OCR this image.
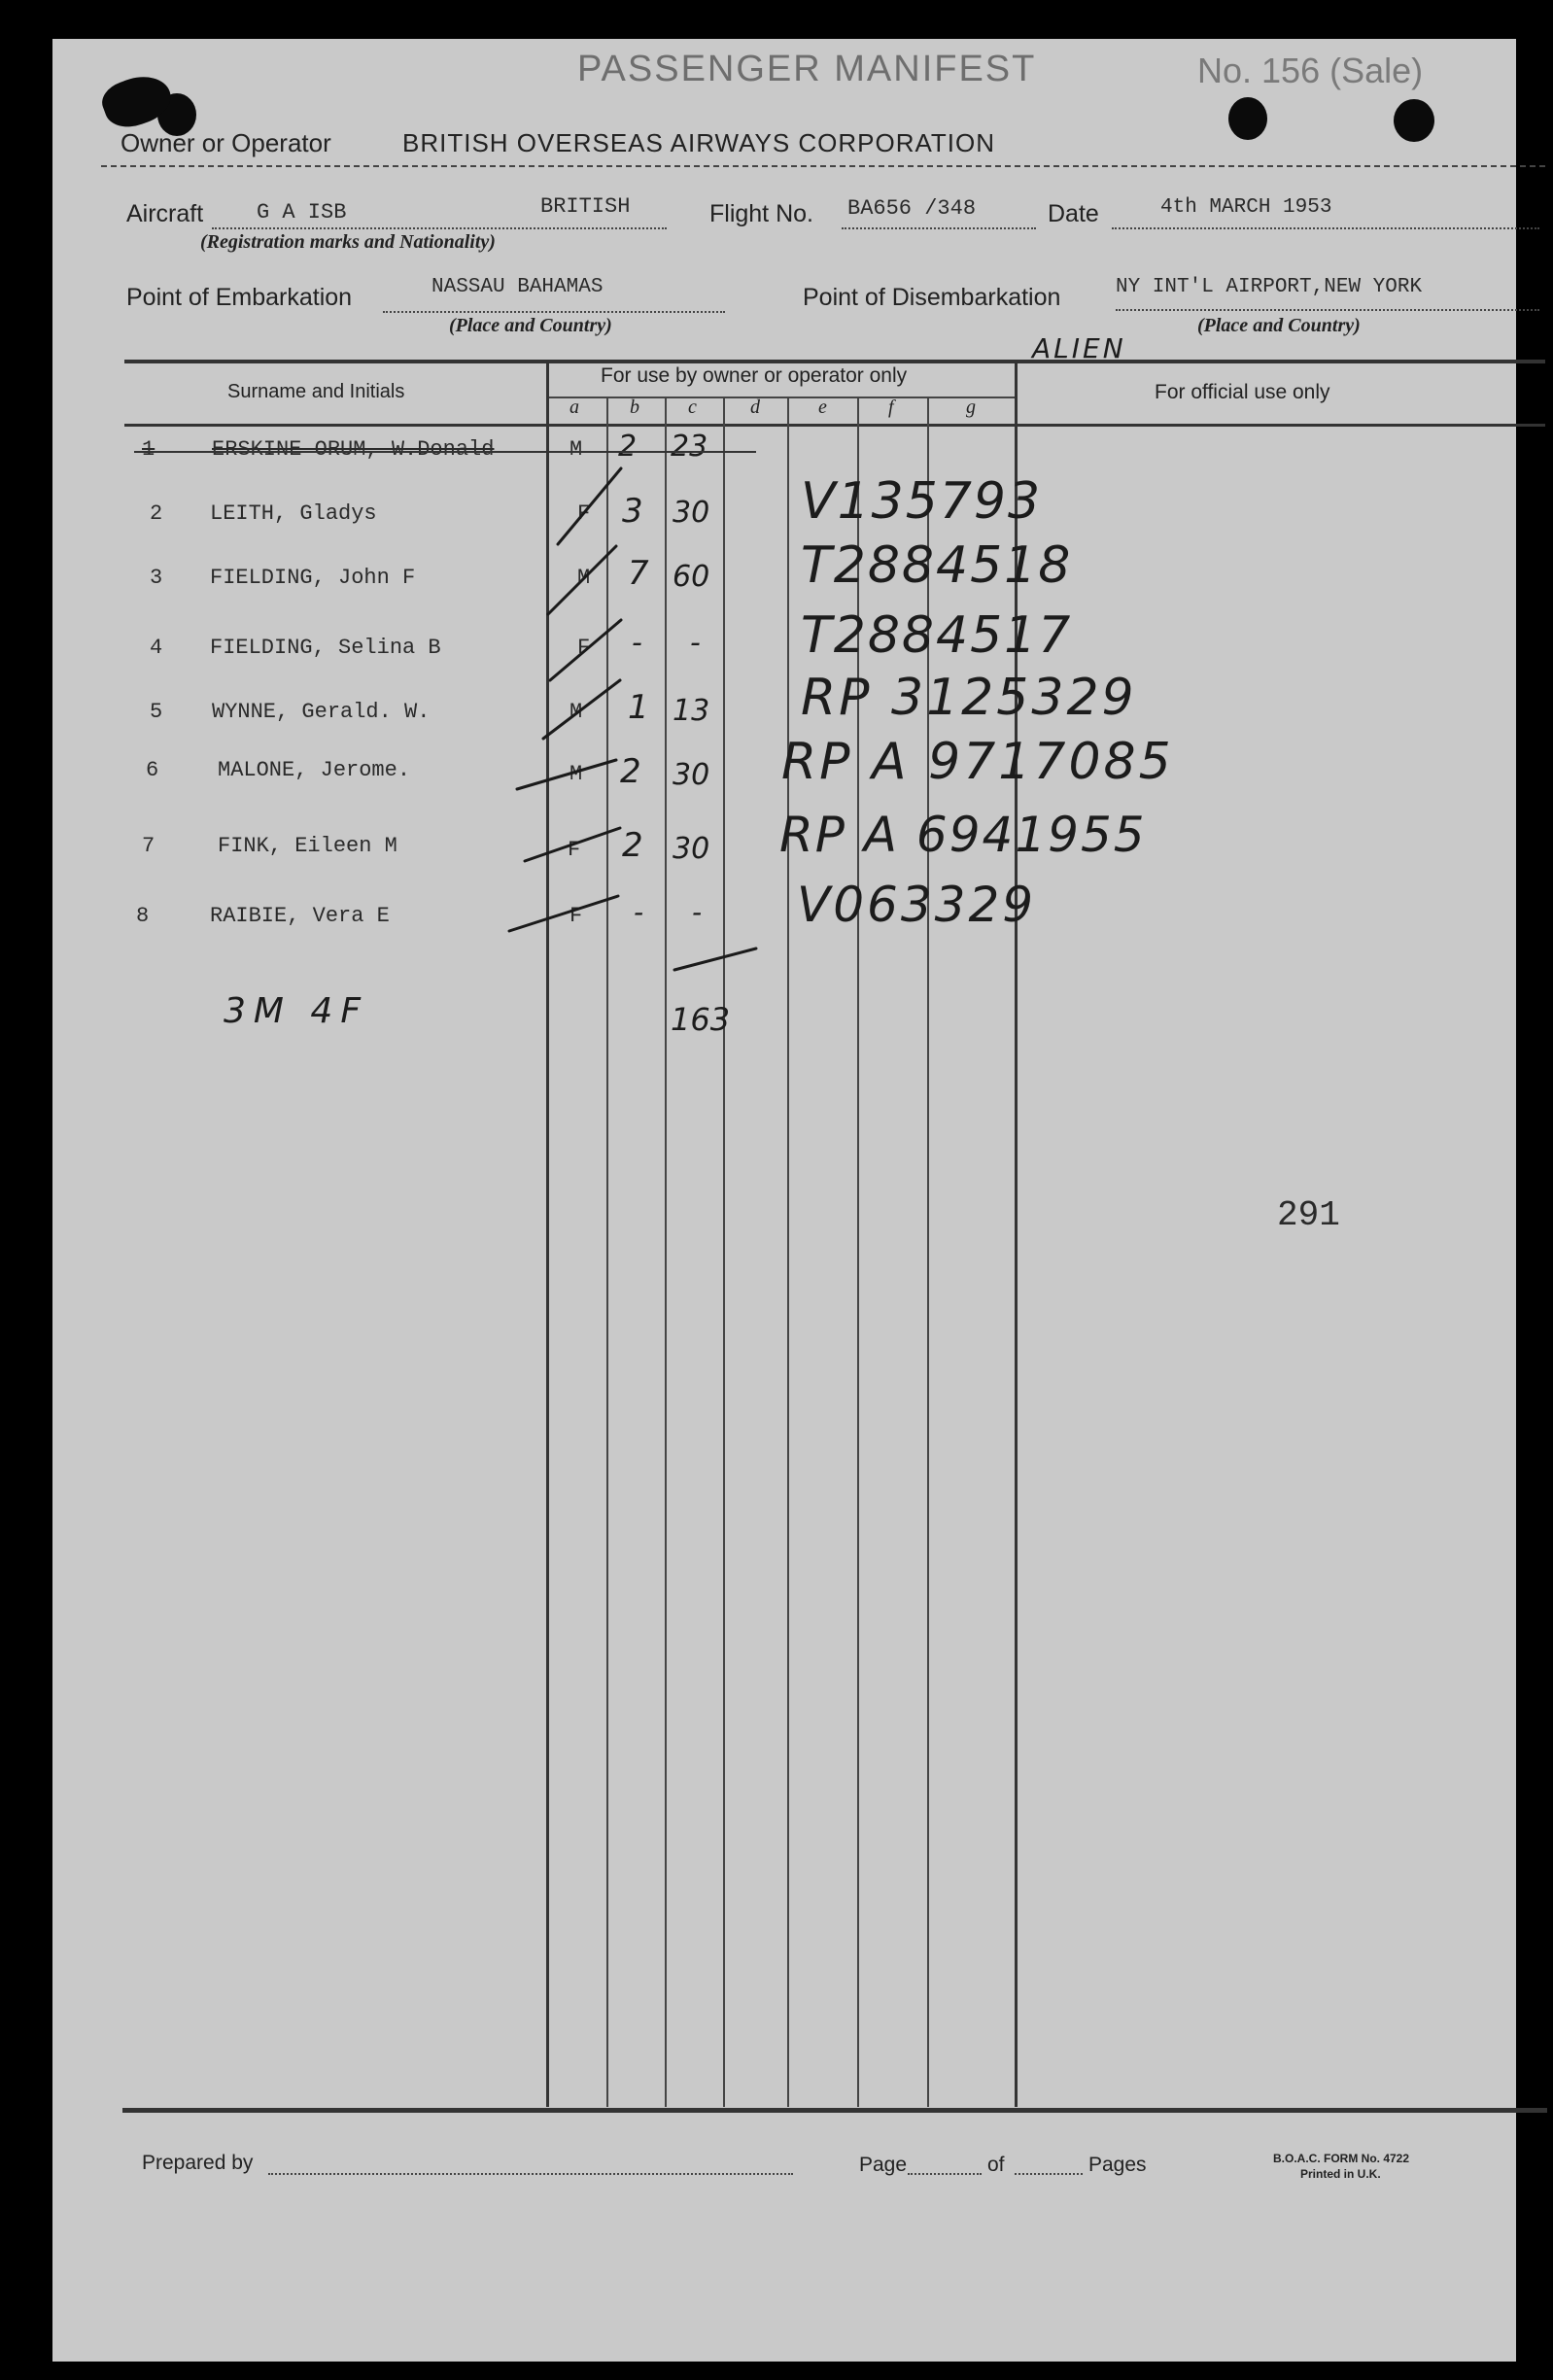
PASSENGER MANIFEST	No. 156 (Sale)
Owner or Operator	BRITISH OVERSEAS AIRWAYS CORPORATION
Aircraft G A ISB	BRITISH
(Registration marks and Nationality)
Flight No. BA656 /348	Date	4th MARCH 1953
Point of Embarkation	NASSAU BAHAMAS
(Place and Country)
Point of Disembarkation	NY INT'L AIRPORT,NEW YORK
(Place and Country)
ALIEN
Surname and Initials
For use by owner or operator only
For official use only
a	b	c	d	e	f	g
1	ERSKINE-ORUM, W.Donald	M 2 23
2 LEITH, Gladys	F 3 30 V135793
3 FIELDING, John F	M 7 60 T2884518
4 FIELDING, Selina B	F - - T2884517
5 WYNNE, Gerald. W.	M 1 13 RP 3125329
6	MALONE, Jerome.	M 2 30 RP A 9717085
7	FINK, Eileen M	F 2 30 RP A 6941955
8	RAIBIE, Vera E	F - - V063329
3M 4F	163
291
Prepared by	Page	of	Pages	B.O.A.C. FORM No. 4722
Printed in U.K.
